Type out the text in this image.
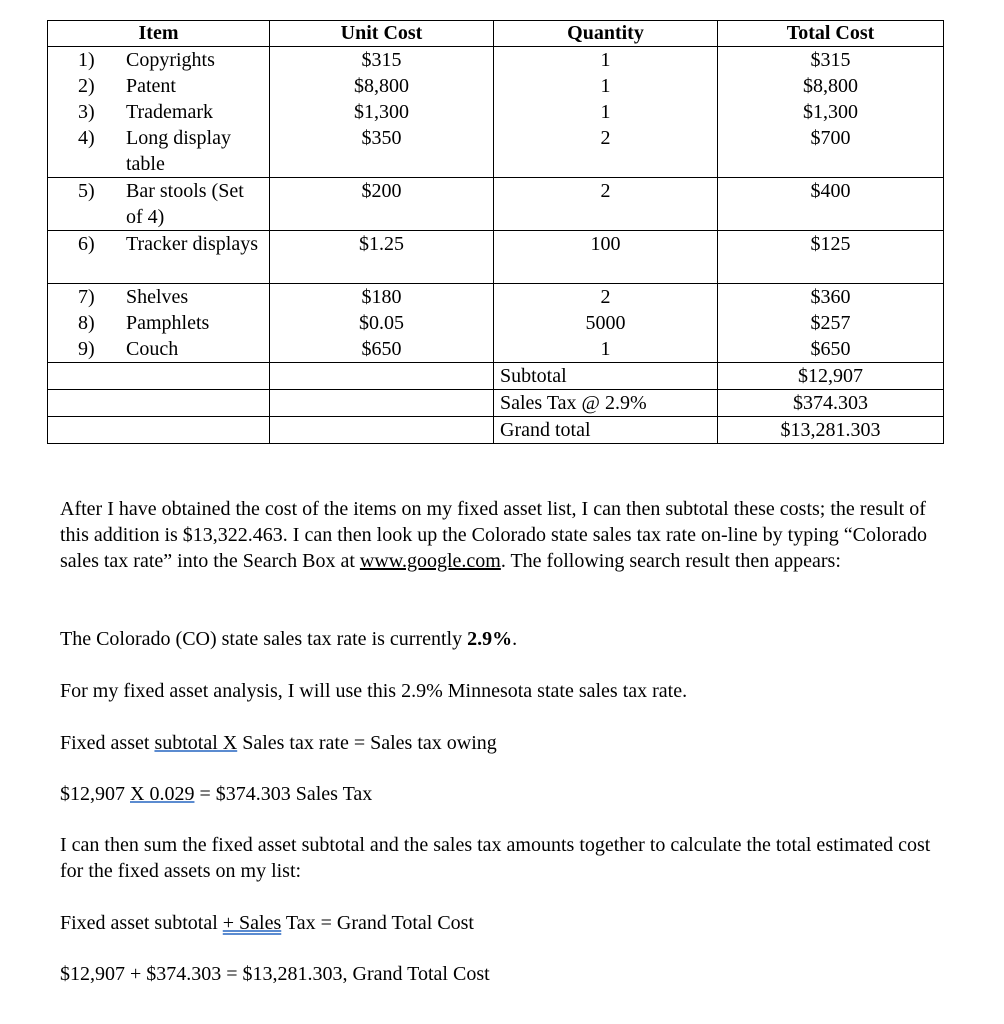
Item	Unit Cost	Quantity	Total Cost

1) Copyrights	$315	1	$315

2) Patent	$8,800	1	$8,800

3) Trademark	$1,300	1	$1,300

4) Long display table	$350	2	$700

5) Bar stools (Set of 4)	$200	2	$400

6) Tracker displays	$1.25	100	$125

7) Shelves	$180	2	$360

8) Pamphlets	$0.05	5000	$257

9) Couch	$650	1	$650
		Subtotal	$12,907
		Sales Tax @ 2.9%	$374.303
		Grand total	$13,281.303
After I have obtained the cost of the items on my fixed asset list, I can then subtotal these costs; the result of this addition is $13,322.463. I can then look up the Colorado state sales tax rate on-line by typing “Colorado sales tax rate” into the Search Box at www.google.com. The following search result then appears:
The Colorado (CO) state sales tax rate is currently 2.9%.
For my fixed asset analysis, I will use this 2.9% Minnesota state sales tax rate.
Fixed asset subtotal X Sales tax rate = Sales tax owing
$12,907 X 0.029 = $374.303 Sales Tax
I can then sum the fixed asset subtotal and the sales tax amounts together to calculate the total estimated cost for the fixed assets on my list:
Fixed asset subtotal + Sales Tax = Grand Total Cost
$12,907 + $374.303 = $13,281.303, Grand Total Cost
